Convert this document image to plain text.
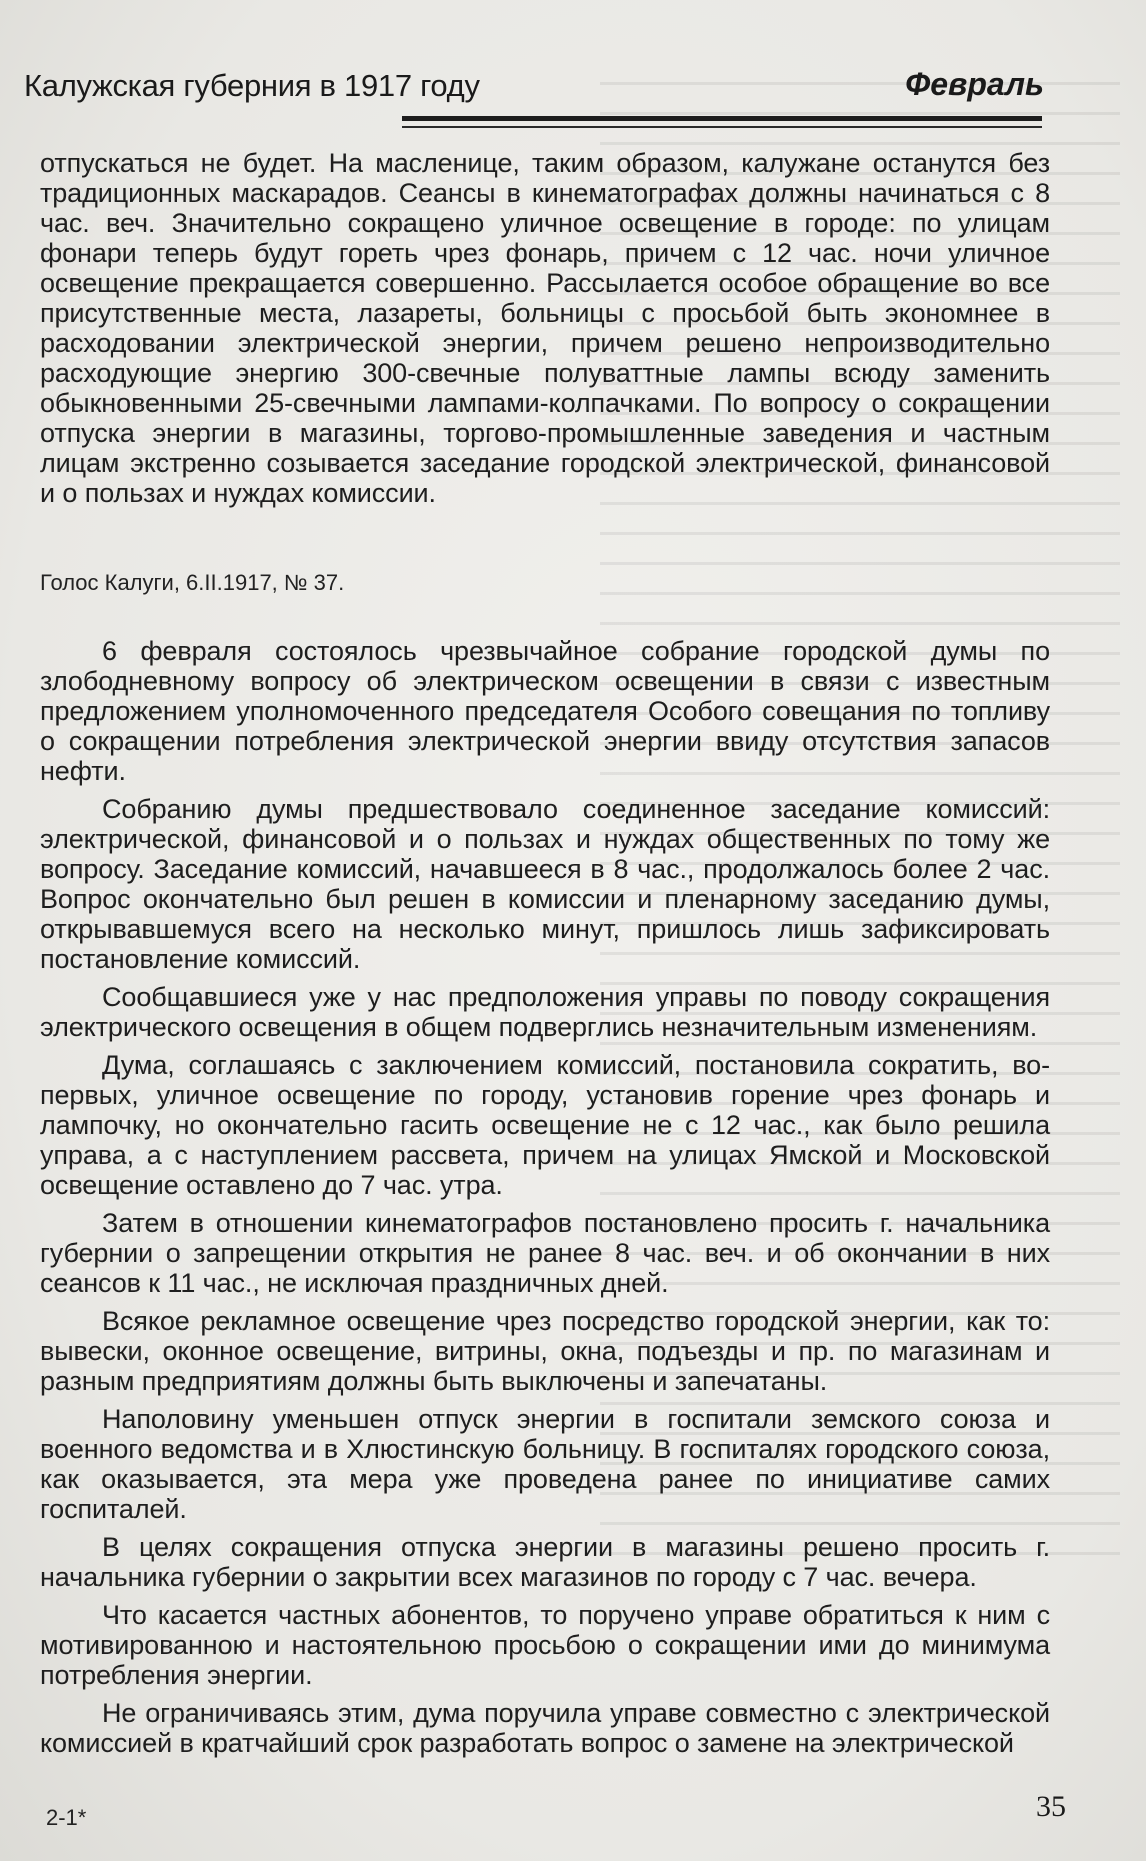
Калужская губерния в 1917 году	Февраль
отпускаться не будет. На масленице, таким образом, калужане останутся без традиционных маскарадов. Сеансы в кинематографах должны начинаться с 8 час. веч. Значительно сокращено уличное освещение в городе: по улицам фонари теперь будут гореть чрез фонарь, причем с 12 час. ночи уличное освещение прекращается совершенно. Рассылается особое обращение во все присутственные места, лазареты, больницы с просьбой быть экономнее в расходовании электрической энергии, причем решено непроизводительно расходующие энергию 300-свечные полуваттные лампы всюду заменить обыкновенными 25-свечными лампами-колпачками. По вопросу о сокращении отпуска энергии в магазины, торгово-промышленные заведения и частным лицам экстренно созывается заседание городской электрической, финансовой и о пользах и нуждах комиссии.
Голос Калуги, 6.II.1917, № 37.

6 февраля состоялось чрезвычайное собрание городской думы по злободневному вопросу об электрическом освещении в связи с известным предложением уполномоченного председателя Особого совещания по топливу о сокращении потребления электрической энергии ввиду отсутствия запасов нефти.

Собранию думы предшествовало соединенное заседание комиссий: электрической, финансовой и о пользах и нуждах общественных по тому же вопросу. Заседание комиссий, начавшееся в 8 час., продолжалось более 2 час. Вопрос окончательно был решен в комиссии и пленарному заседанию думы, открывавшемуся всего на несколько минут, пришлось лишь зафиксировать постановление комиссий.

Сообщавшиеся уже у нас предположения управы по поводу сокращения электрического освещения в общем подверглись незначительным изменениям.

Дума, соглашаясь с заключением комиссий, постановила сократить, во-первых, уличное освещение по городу, установив горение чрез фонарь и лампочку, но окончательно гасить освещение не с 12 час., как было решила управа, а с наступлением рассвета, причем на улицах Ямской и Московской освещение оставлено до 7 час. утра.

Затем в отношении кинематографов постановлено просить г. начальника губернии о запрещении открытия не ранее 8 час. веч. и об окончании в них сеансов к 11 час., не исключая праздничных дней.

Всякое рекламное освещение чрез посредство городской энергии, как то: вывески, оконное освещение, витрины, окна, подъезды и пр. по магазинам и разным предприятиям должны быть выключены и запечатаны.

Наполовину уменьшен отпуск энергии в госпитали земского союза и военного ведомства и в Хлюстинскую больницу. В госпиталях городского союза, как оказывается, эта мера уже проведена ранее по инициативе самих госпиталей.

В целях сокращения отпуска энергии в магазины решено просить г. начальника губернии о закрытии всех магазинов по городу с 7 час. вечера.

Что касается частных абонентов, то поручено управе обратиться к ним с мотивированною и настоятельною просьбою о сокращении ими до минимума потребления энергии.

Не ограничиваясь этим, дума поручила управе совместно с электрической комиссией в кратчайший срок разработать вопрос о замене на электрической

2-1*	35
